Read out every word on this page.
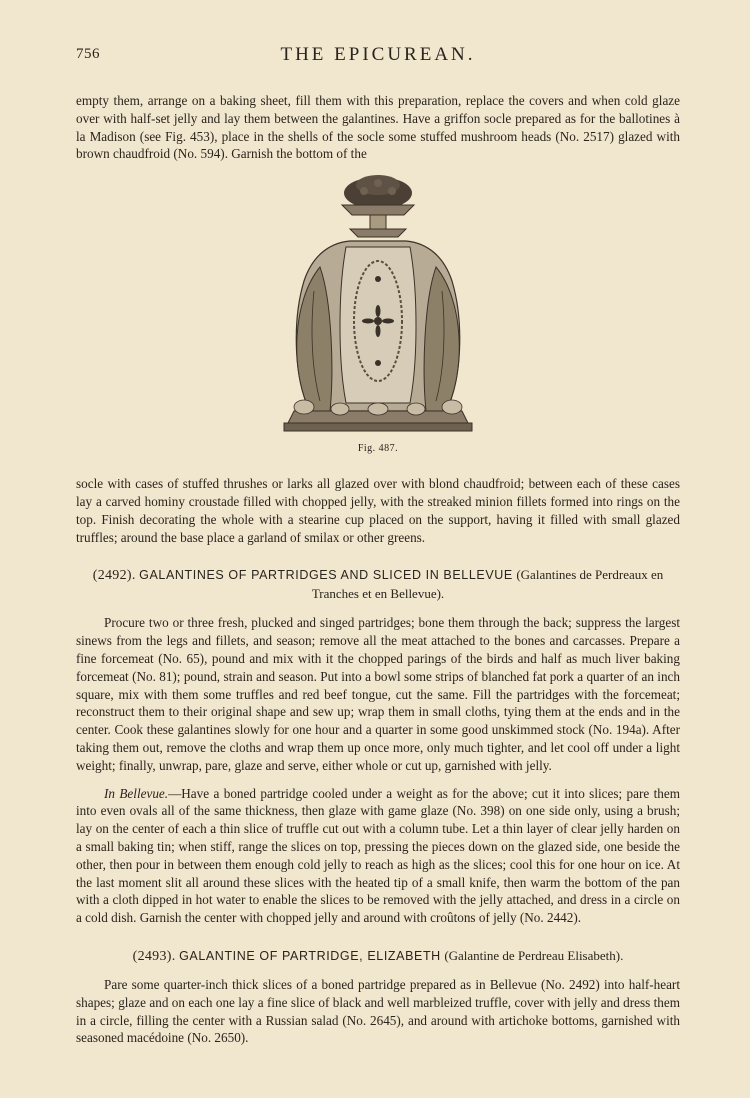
756	THE EPICUREAN.

empty them, arrange on a baking sheet, fill them with this preparation, replace the covers and when cold glaze over with half-set jelly and lay them between the galantines. Have a griffon socle prepared as for the ballotines à la Madison (see Fig. 453), place in the shells of the socle some stuffed mushroom heads (No. 2517) glazed with brown chaudfroid (No. 594). Garnish the bottom of the

Fig. 487.

socle with cases of stuffed thrushes or larks all glazed over with blond chaudfroid; between each of these cases lay a carved hominy croustade filled with chopped jelly, with the streaked minion fillets formed into rings on the top. Finish decorating the whole with a stearine cup placed on the support, having it filled with small glazed truffles; around the base place a garland of smilax or other greens.

(2492). GALANTINES OF PARTRIDGES AND SLICED IN BELLEVUE (Galantines de Perdreaux en Tranches et en Bellevue).

Procure two or three fresh, plucked and singed partridges; bone them through the back; suppress the largest sinews from the legs and fillets, and season; remove all the meat attached to the bones and carcasses. Prepare a fine forcemeat (No. 65), pound and mix with it the chopped parings of the birds and half as much liver baking forcemeat (No. 81); pound, strain and season. Put into a bowl some strips of blanched fat pork a quarter of an inch square, mix with them some truffles and red beef tongue, cut the same. Fill the partridges with the forcemeat; reconstruct them to their original shape and sew up; wrap them in small cloths, tying them at the ends and in the center. Cook these galantines slowly for one hour and a quarter in some good unskimmed stock (No. 194a). After taking them out, remove the cloths and wrap them up once more, only much tighter, and let cool off under a light weight; finally, unwrap, pare, glaze and serve, either whole or cut up, garnished with jelly.

In Bellevue.—Have a boned partridge cooled under a weight as for the above; cut it into slices; pare them into even ovals all of the same thickness, then glaze with game glaze (No. 398) on one side only, using a brush; lay on the center of each a thin slice of truffle cut out with a column tube. Let a thin layer of clear jelly harden on a small baking tin; when stiff, range the slices on top, pressing the pieces down on the glazed side, one beside the other, then pour in between them enough cold jelly to reach as high as the slices; cool this for one hour on ice. At the last moment slit all around these slices with the heated tip of a small knife, then warm the bottom of the pan with a cloth dipped in hot water to enable the slices to be removed with the jelly attached, and dress in a circle on a cold dish. Garnish the center with chopped jelly and around with croûtons of jelly (No. 2442).

(2493). GALANTINE OF PARTRIDGE, ELIZABETH (Galantine de Perdreau Elisabeth).

Pare some quarter-inch thick slices of a boned partridge prepared as in Bellevue (No. 2492) into half-heart shapes; glaze and on each one lay a fine slice of black and well marbleized truffle, cover with jelly and dress them in a circle, filling the center with a Russian salad (No. 2645), and around with artichoke bottoms, garnished with seasoned macédoine (No. 2650).
